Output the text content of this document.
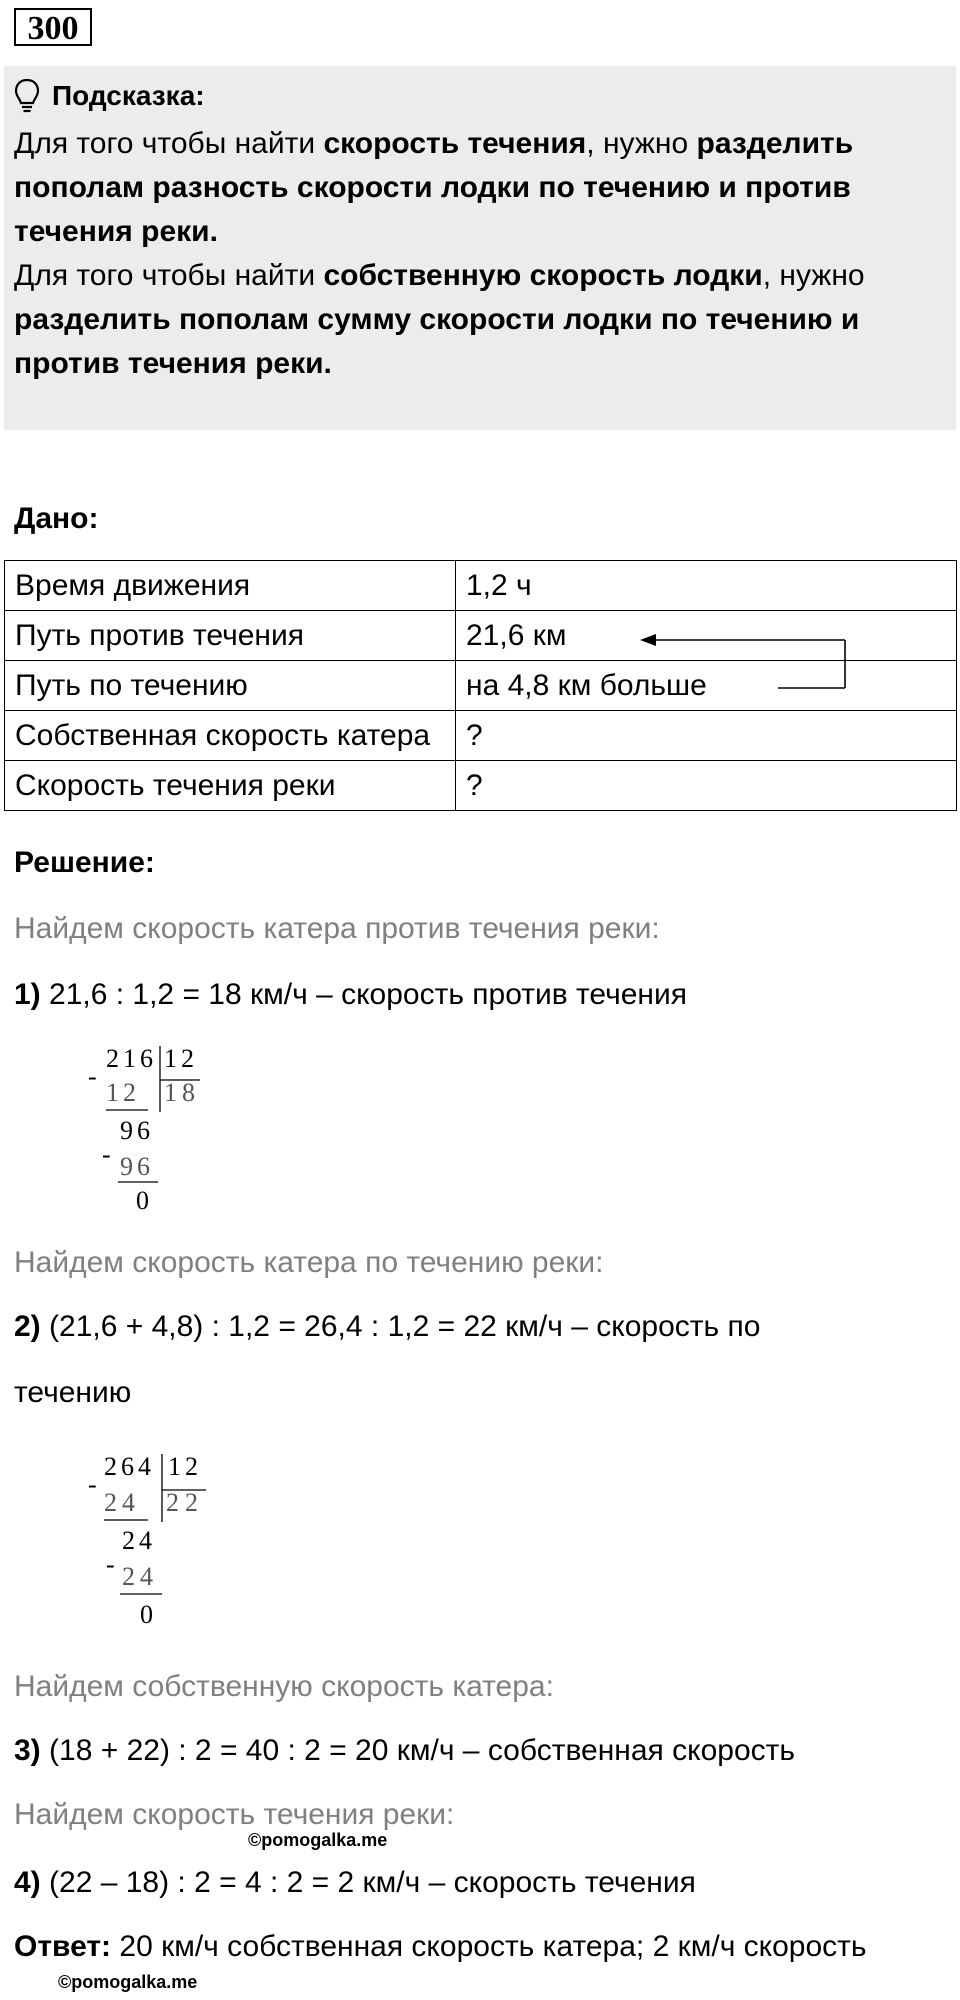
300
Подсказка:
Для того чтобы найти скорость течения, нужно разделить пополам разность скорости лодки по течению и против течения реки.
Для того чтобы найти собственную скорость лодки, нужно разделить пополам сумму скорости лодки по течению и против течения реки.
Дано:
Время движения	1,2 ч
Путь против течения	21,6 км
Путь по течению	на 4,8 км больше
Собственная скорость катера	?
Скорость течения реки	?
Решение:
Найдем скорость катера против течения реки:
1) 21,6 : 1,2 = 18 км/ч – скорость против течения
-
216 12
12 18
96
- 96
0
Найдем скорость катера по течению реки:
2) (21,6 + 4,8) : 1,2 = 26,4 : 1,2 = 22 км/ч – скорость по
течению
-
264 12
24 22
24
- 24
0
Найдем собственную скорость катера:
3) (18 + 22) : 2 = 40 : 2 = 20 км/ч – собственная скорость
Найдем скорость течения реки:
©pomogalka.me
4) (22 – 18) : 2 = 4 : 2 = 2 км/ч – скорость течения
Ответ: 20 км/ч собственная скорость катера; 2 км/ч скорость
©pomogalka.me
